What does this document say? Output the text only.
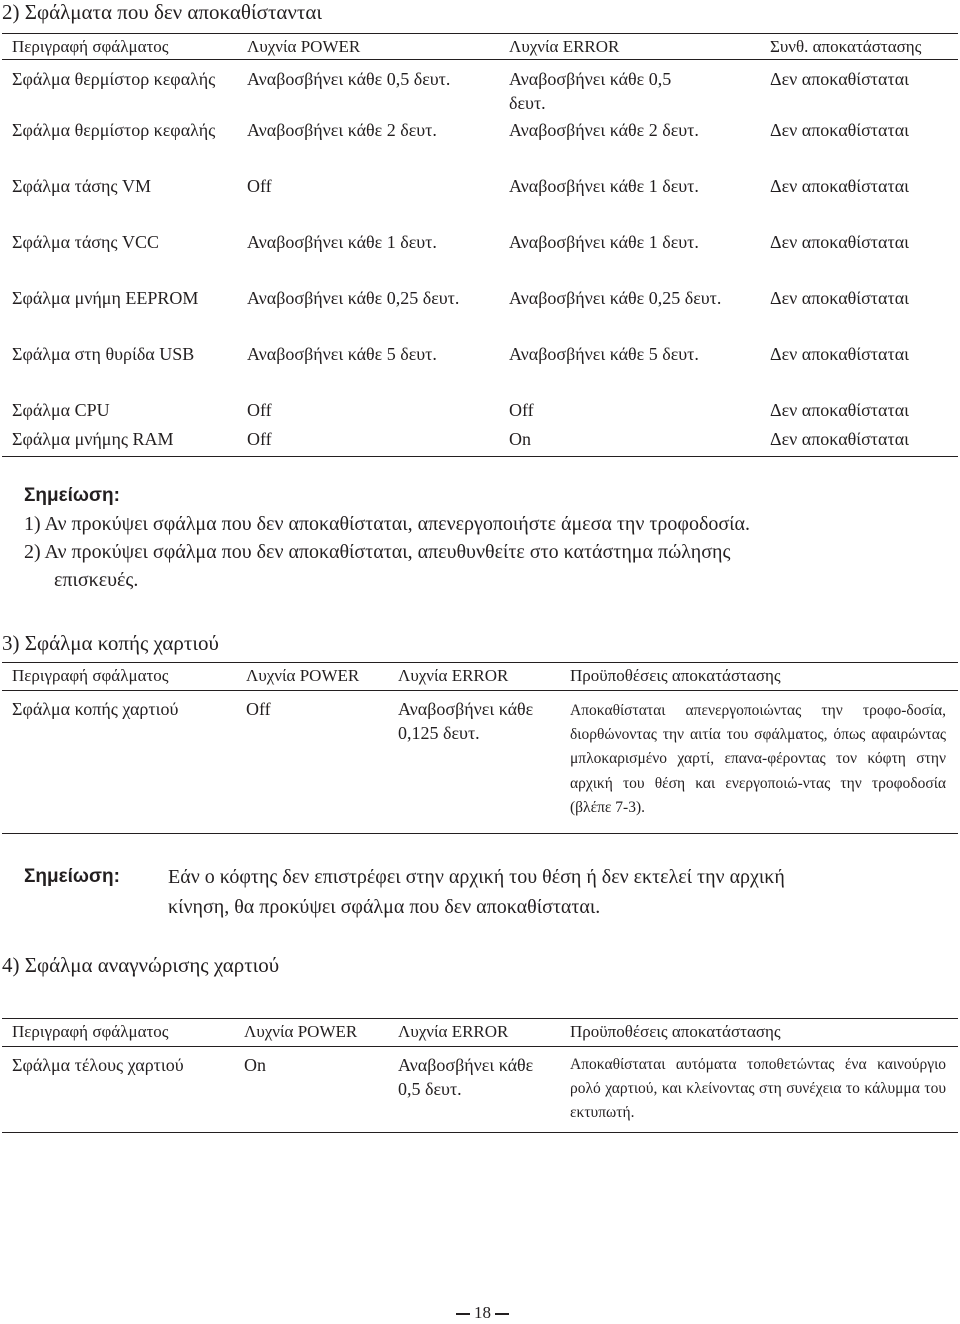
2) Σφάλματα που δεν αποκαθίστανται
Περιγραφή σφάλματος	Λυχνία POWER	Λυχνία ERROR	Συνθ. αποκατάστασης
Σφάλμα θερμίστορ κεφαλής	Αναβοσβήνει κάθε 0,5 δευτ.	Αναβοσβήνει κάθε 0,5 δευτ.	Δεν αποκαθίσταται
Σφάλμα θερμίστορ κεφαλής	Αναβοσβήνει κάθε 2 δευτ.	Αναβοσβήνει κάθε 2 δευτ.	Δεν αποκαθίσταται
Σφάλμα τάσης VM	Off	Αναβοσβήνει κάθε 1 δευτ.	Δεν αποκαθίσταται
Σφάλμα τάσης VCC	Αναβοσβήνει κάθε 1 δευτ.	Αναβοσβήνει κάθε 1 δευτ.	Δεν αποκαθίσταται
Σφάλμα μνήμη EEPROM	Αναβοσβήνει κάθε 0,25 δευτ.	Αναβοσβήνει κάθε 0,25 δευτ.	Δεν αποκαθίσταται
Σφάλμα στη θυρίδα USB	Αναβοσβήνει κάθε 5 δευτ.	Αναβοσβήνει κάθε 5 δευτ.	Δεν αποκαθίσταται
Σφάλμα CPU	Off	Off	Δεν αποκαθίσταται
Σφάλμα μνήμης RAM	Off	On	Δεν αποκαθίσταται
Σημείωση:
1) Αν προκύψει σφάλμα που δεν αποκαθίσταται, απενεργοποιήστε άμεσα την τροφοδοσία.
2) Αν προκύψει σφάλμα που δεν αποκαθίσταται, απευθυνθείτε στο κατάστημα πώλησης
επισκευές.
3) Σφάλμα κοπής χαρτιού
Περιγραφή σφάλματος	Λυχνία POWER	Λυχνία ERROR	Προϋποθέσεις αποκατάστασης
Σφάλμα κοπής χαρτιού	Off	Αναβοσβήνει κάθε 0,125 δευτ.	Αποκαθίσταται απενεργοποιώντας την τροφο-δοσία, διορθώνοντας την αιτία του σφάλματος, όπως αφαιρώντας μπλοκαρισμένο χαρτί, επανα-φέροντας τον κόφτη στην αρχική του θέση και ενεργοποιώ-ντας την τροφοδοσία (βλέπε 7-3).
Σημείωση: Εάν ο κόφτης δεν επιστρέφει στην αρχική του θέση ή δεν εκτελεί την αρχική
κίνηση, θα προκύψει σφάλμα που δεν αποκαθίσταται.
4) Σφάλμα αναγνώρισης χαρτιού
Περιγραφή σφάλματος	Λυχνία POWER	Λυχνία ERROR	Προϋποθέσεις αποκατάστασης
Σφάλμα τέλους χαρτιού	On	Αναβοσβήνει κάθε 0,5 δευτ.	Αποκαθίσταται αυτόματα τοποθετώντας ένα καινούργιο ρολό χαρτιού, και κλείνοντας στη συνέχεια το κάλυμμα του εκτυπωτή.
18
